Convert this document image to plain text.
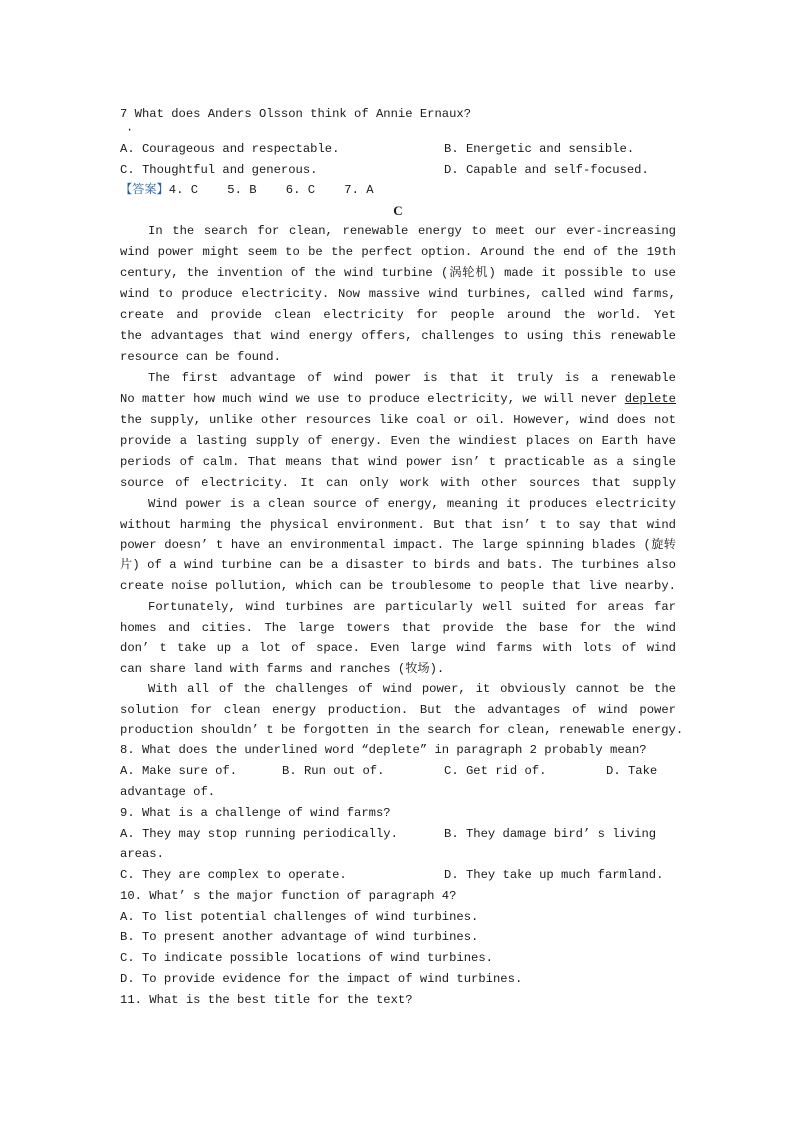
7 What does Anders Olsson think of Annie Ernaux?
·
A. Courageous and respectable.	B. Energetic and sensible.
C. Thoughtful and generous.	D. Capable and self-focused.
【答案】4. C    5. B    6. C    7. A
C
In the search for clean, renewable energy to meet our ever-increasing
wind power might seem to be the perfect option. Around the end of the 19th
century, the invention of the wind turbine (涡轮机) made it possible to use
wind to produce electricity. Now massive wind turbines, called wind farms,
create and provide clean electricity for people around the world. Yet
the advantages that wind energy offers, challenges to using this renewable
resource can be found.
The first advantage of wind power is that it truly is a renewable
No matter how much wind we use to produce electricity, we will never deplete
the supply, unlike other resources like coal or oil. However, wind does not
provide a lasting supply of energy. Even the windiest places on Earth have
periods of calm. That means that wind power isn’ t practicable as a single
source of electricity. It can only work with other sources that supply
Wind power is a clean source of energy, meaning it produces electricity
without harming the physical environment. But that isn’ t to say that wind
power doesn’ t have an environmental impact. The large spinning blades (旋转
片) of a wind turbine can be a disaster to birds and bats. The turbines also
create noise pollution, which can be troublesome to people that live nearby.
Fortunately, wind turbines are particularly well suited for areas far
homes and cities. The large towers that provide the base for the wind
don’ t take up a lot of space. Even large wind farms with lots of wind
can share land with farms and ranches (牧场).
With all of the challenges of wind power, it obviously cannot be the
solution for clean energy production. But the advantages of wind power
production shouldn’ t be forgotten in the search for clean, renewable energy.
8. What does the underlined word “deplete” in paragraph 2 probably mean?
A. Make sure of.	B. Run out of.	C. Get rid of.	D. Take
advantage of.
9. What is a challenge of wind farms?
A. They may stop running periodically.	B. They damage bird’ s living
areas.
C. They are complex to operate.	D. They take up much farmland.
10. What’ s the major function of paragraph 4?
A. To list potential challenges of wind turbines.
B. To present another advantage of wind turbines.
C. To indicate possible locations of wind turbines.
D. To provide evidence for the impact of wind turbines.
11. What is the best title for the text?
